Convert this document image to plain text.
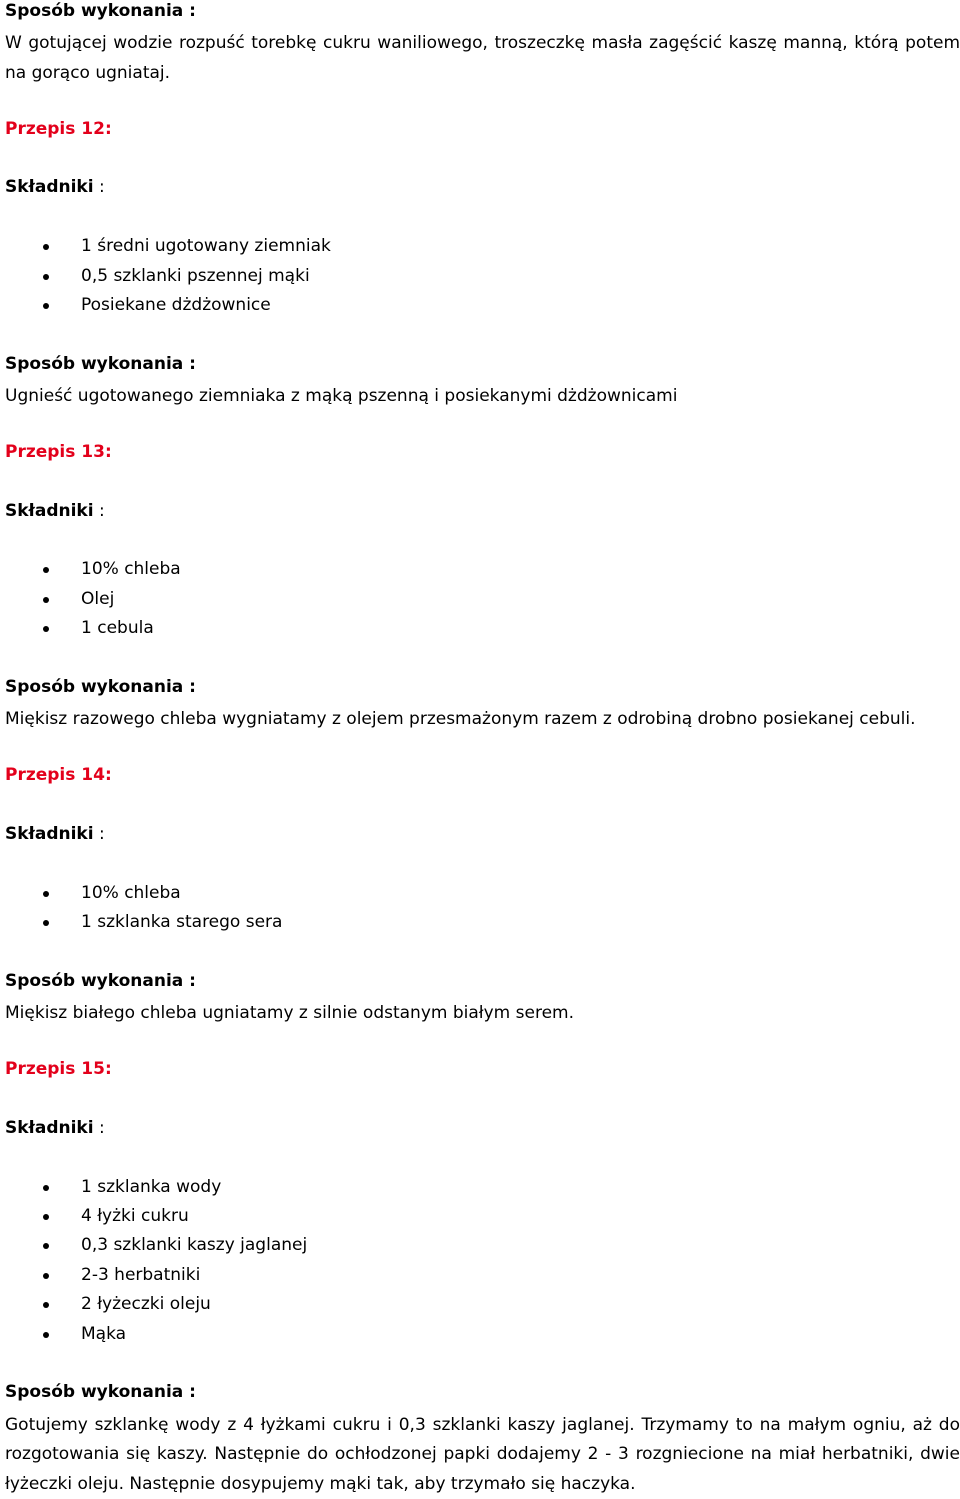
Sposób wykonania :

W gotującej wodzie rozpuść torebkę cukru waniliowego, troszeczkę masła zagęścić kaszę manną, którą potem na gorąco ugniataj.

Przepis 12:
Składniki :
1 średni ugotowany ziemniak
0,5 szklanki pszennej mąki
Posiekane dżdżownice
Sposób wykonania :

Ugnieść ugotowanego ziemniaka z mąką pszenną i posiekanymi dżdżownicami

Przepis 13:
Składniki :
10% chleba
Olej
1 cebula
Sposób wykonania :

Miękisz razowego chleba wygniatamy z olejem przesmażonym razem z odrobiną drobno posiekanej cebuli.

Przepis 14:
Składniki :
10% chleba
1 szklanka starego sera
Sposób wykonania :

Miękisz białego chleba ugniatamy z silnie odstanym białym serem.

Przepis 15:
Składniki :
1 szklanka wody
4 łyżki cukru
0,3 szklanki kaszy jaglanej
2-3 herbatniki
2 łyżeczki oleju
Mąka
Sposób wykonania :

Gotujemy szklankę wody z 4 łyżkami cukru i 0,3 szklanki kaszy jaglanej. Trzymamy to na małym ogniu, aż do rozgotowania się kaszy. Następnie do ochłodzonej papki dodajemy 2 - 3 rozgniecione na miał herbatniki, dwie łyżeczki oleju. Następnie dosypujemy mąki tak, aby trzymało się haczyka.
